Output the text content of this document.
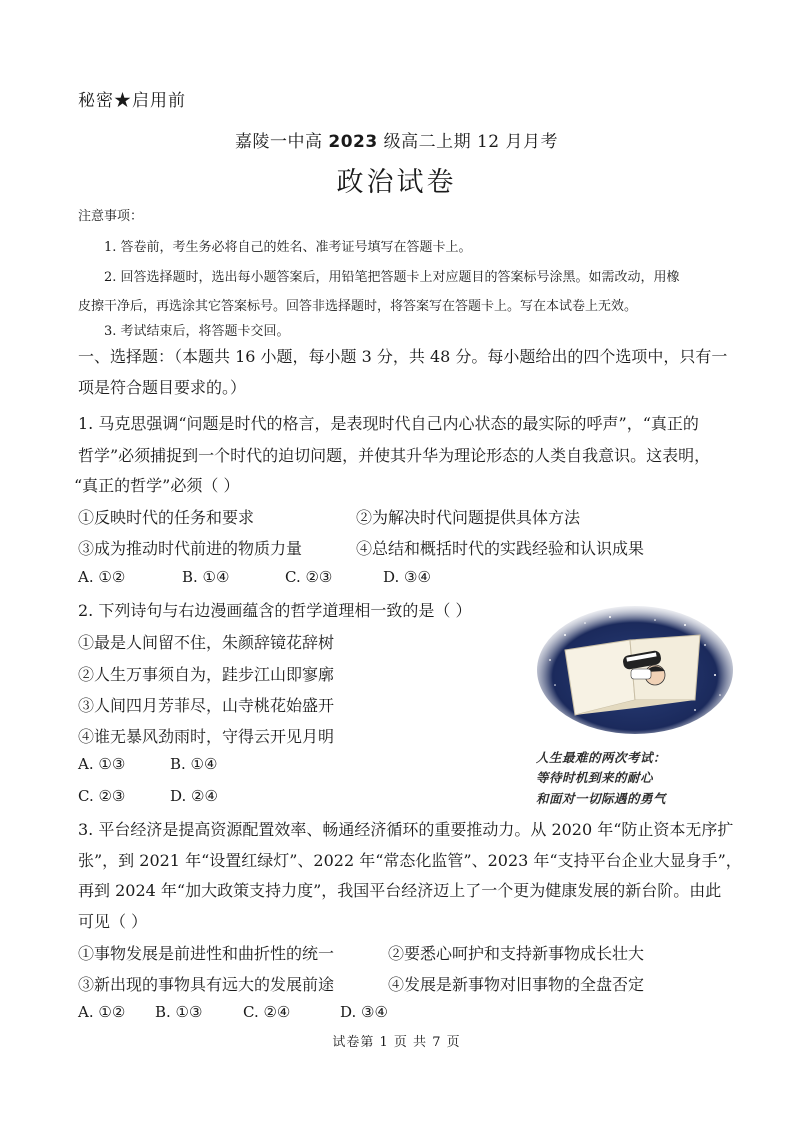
秘密★启用前
嘉陵一中高 2023 级高二上期 12 月月考
政治试卷
注意事项：
1. 答卷前，考生务必将自己的姓名、准考证号填写在答题卡上。
2. 回答选择题时，选出每小题答案后，用铅笔把答题卡上对应题目的答案标号涂黑。如需改动，用橡
皮擦干净后，再选涂其它答案标号。回答非选择题时，将答案写在答题卡上。写在本试卷上无效。
3. 考试结束后，将答题卡交回。
一、选择题：（本题共 16 小题，每小题 3 分，共 48 分。每小题给出的四个选项中，只有一
项是符合题目要求的。）
1. 马克思强调“问题是时代的格言，是表现时代自己内心状态的最实际的呼声”，“真正的
哲学”必须捕捉到一个时代的迫切问题，并使其升华为理论形态的人类自我意识。这表明，
“真正的哲学”必须（ ）
①反映时代的任务和要求	②为解决时代问题提供具体方法
③成为推动时代前进的物质力量	④总结和概括时代的实践经验和认识成果
A. ①②	B. ①④	C. ②③	D. ③④
2. 下列诗句与右边漫画蕴含的哲学道理相一致的是（ ）
①最是人间留不住，朱颜辞镜花辞树
②人生万事须自为，跬步江山即寥廓
③人间四月芳菲尽，山寺桃花始盛开
④谁无暴风劲雨时，守得云开见月明
A. ①③	B. ①④
C. ②③	D. ②④
人生最难的两次考试：
等待时机到来的耐心
和面对一切际遇的勇气
3. 平台经济是提高资源配置效率、畅通经济循环的重要推动力。从 2020 年“防止资本无序扩
张”，到 2021 年“设置红绿灯”、2022 年“常态化监管”、2023 年“支持平台企业大显身手”，
再到 2024 年“加大政策支持力度”，我国平台经济迈上了一个更为健康发展的新台阶。由此
可见（ ）
①事物发展是前进性和曲折性的统一	②要悉心呵护和支持新事物成长壮大
③新出现的事物具有远大的发展前途	④发展是新事物对旧事物的全盘否定
A. ①② B. ①③	C. ②④	D. ③④
试卷第 1 页 共 7 页
